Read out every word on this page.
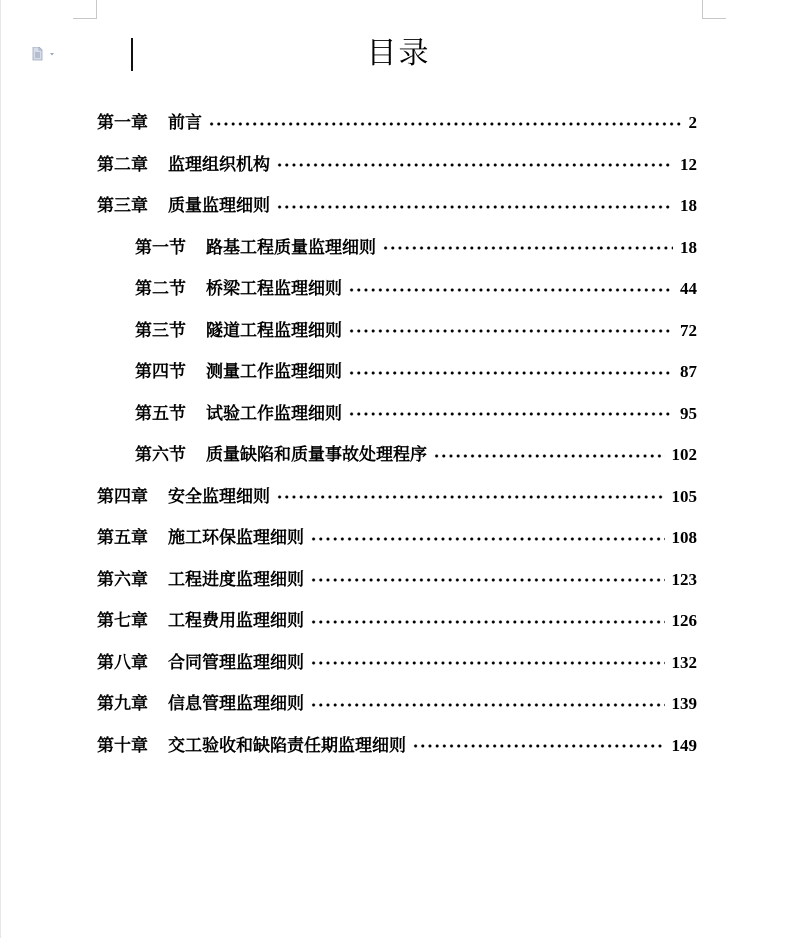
目录
第一章 前言	2
第二章 监理组织机构	12
第三章 质量监理细则	18
第一节 路基工程质量监理细则	18
第二节 桥梁工程监理细则	44
第三节 隧道工程监理细则	72
第四节 测量工作监理细则	87
第五节 试验工作监理细则	95
第六节 质量缺陷和质量事故处理程序	102
第四章 安全监理细则	105
第五章 施工环保监理细则	108
第六章 工程进度监理细则	123
第七章 工程费用监理细则	126
第八章 合同管理监理细则	132
第九章 信息管理监理细则	139
第十章 交工验收和缺陷责任期监理细则	149
